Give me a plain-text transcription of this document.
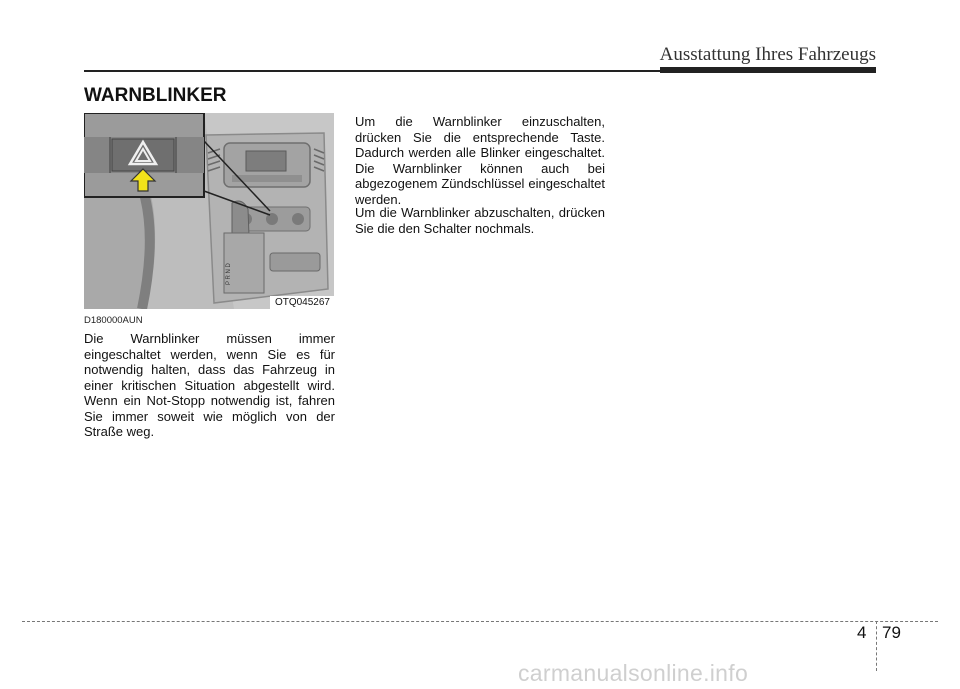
Ausstattung Ihres Fahrzeugs
WARNBLINKER
P R N D
OTQ045267
D180000AUN

Die Warnblinker müssen immer eingeschaltet werden, wenn Sie es für notwendig halten, dass das Fahrzeug in einer kritischen Situation abgestellt wird. Wenn ein Not-Stopp notwendig ist, fahren Sie immer soweit wie möglich von der Straße weg.

Um die Warnblinker einzuschalten, drücken Sie die entsprechende Taste. Dadurch werden alle Blinker eingeschaltet. Die Warnblinker können auch bei abgezogenem Zündschlüssel eingeschaltet werden.

Um die Warnblinker abzuschalten, drücken Sie die den Schalter nochmals.

4 79
carmanualsonline.info
